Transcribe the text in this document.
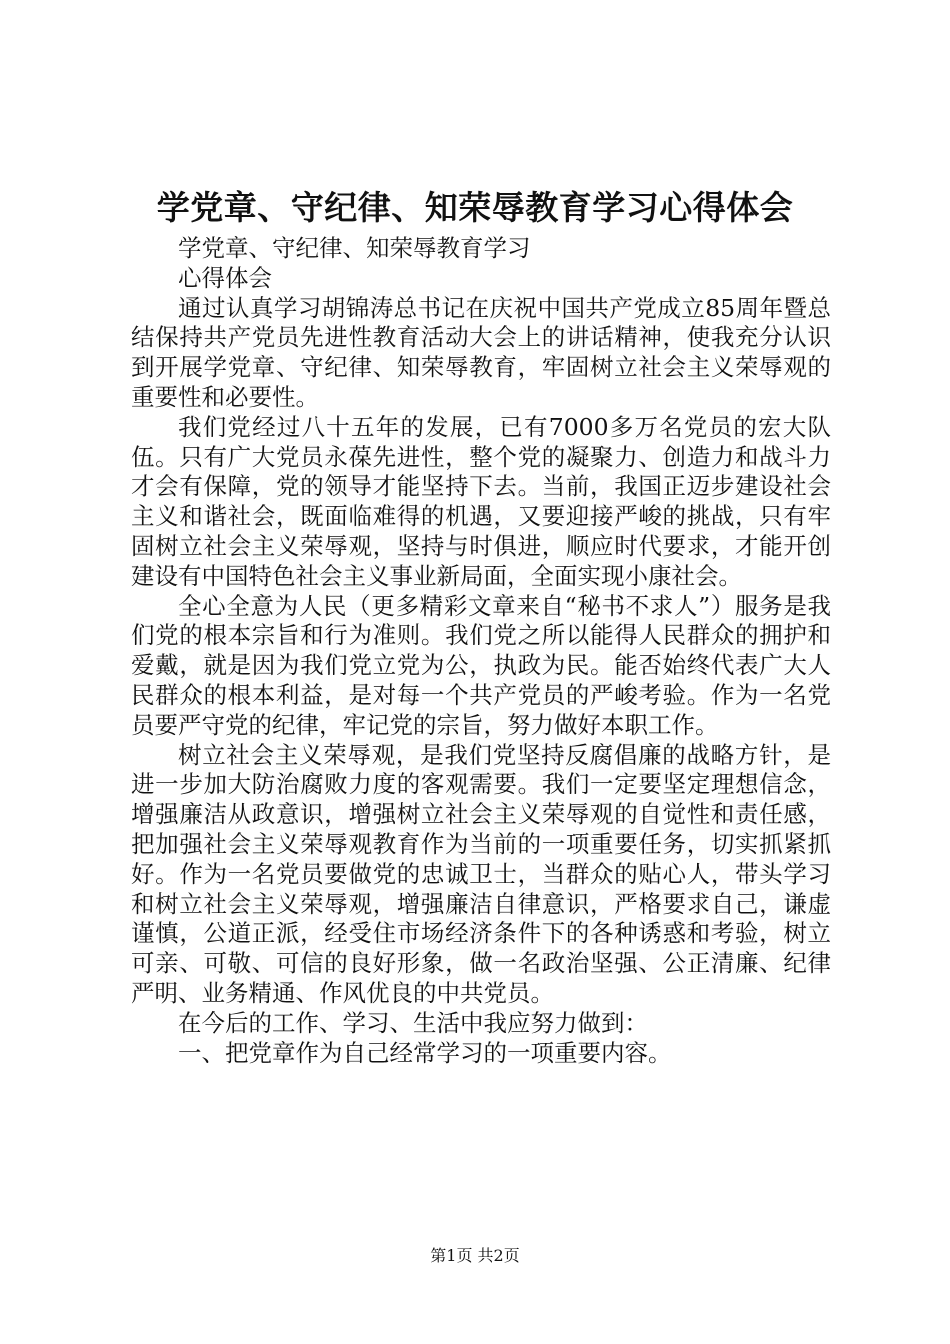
学党章、守纪律、知荣辱教育学习心得体会

学党章、守纪律、知荣辱教育学习

心得体会

通过认真学习胡锦涛总书记在庆祝中国共产党成立85周年暨总结保持共产党员先进性教育活动大会上的讲话精神，使我充分认识到开展学党章、守纪律、知荣辱教育，牢固树立社会主义荣辱观的重要性和必要性。

我们党经过八十五年的发展，已有7000多万名党员的宏大队伍。只有广大党员永葆先进性，整个党的凝聚力、创造力和战斗力才会有保障，党的领导才能坚持下去。当前，我国正迈步建设社会主义和谐社会，既面临难得的机遇，又要迎接严峻的挑战，只有牢固树立社会主义荣辱观，坚持与时俱进，顺应时代要求，才能开创建设有中国特色社会主义事业新局面，全面实现小康社会。

全心全意为人民（更多精彩文章来自“秘书不求人”）服务是我们党的根本宗旨和行为准则。我们党之所以能得人民群众的拥护和爱戴，就是因为我们党立党为公，执政为民。能否始终代表广大人民群众的根本利益，是对每一个共产党员的严峻考验。作为一名党员要严守党的纪律，牢记党的宗旨，努力做好本职工作。

树立社会主义荣辱观，是我们党坚持反腐倡廉的战略方针，是进一步加大防治腐败力度的客观需要。我们一定要坚定理想信念，增强廉洁从政意识，增强树立社会主义荣辱观的自觉性和责任感，把加强社会主义荣辱观教育作为当前的一项重要任务，切实抓紧抓好。作为一名党员要做党的忠诚卫士，当群众的贴心人，带头学习和树立社会主义荣辱观，增强廉洁自律意识，严格要求自己，谦虚谨慎，公道正派，经受住市场经济条件下的各种诱惑和考验，树立可亲、可敬、可信的良好形象，做一名政治坚强、公正清廉、纪律严明、业务精通、作风优良的中共党员。

在今后的工作、学习、生活中我应努力做到：

一、把党章作为自己经常学习的一项重要内容。

第1页 共2页
